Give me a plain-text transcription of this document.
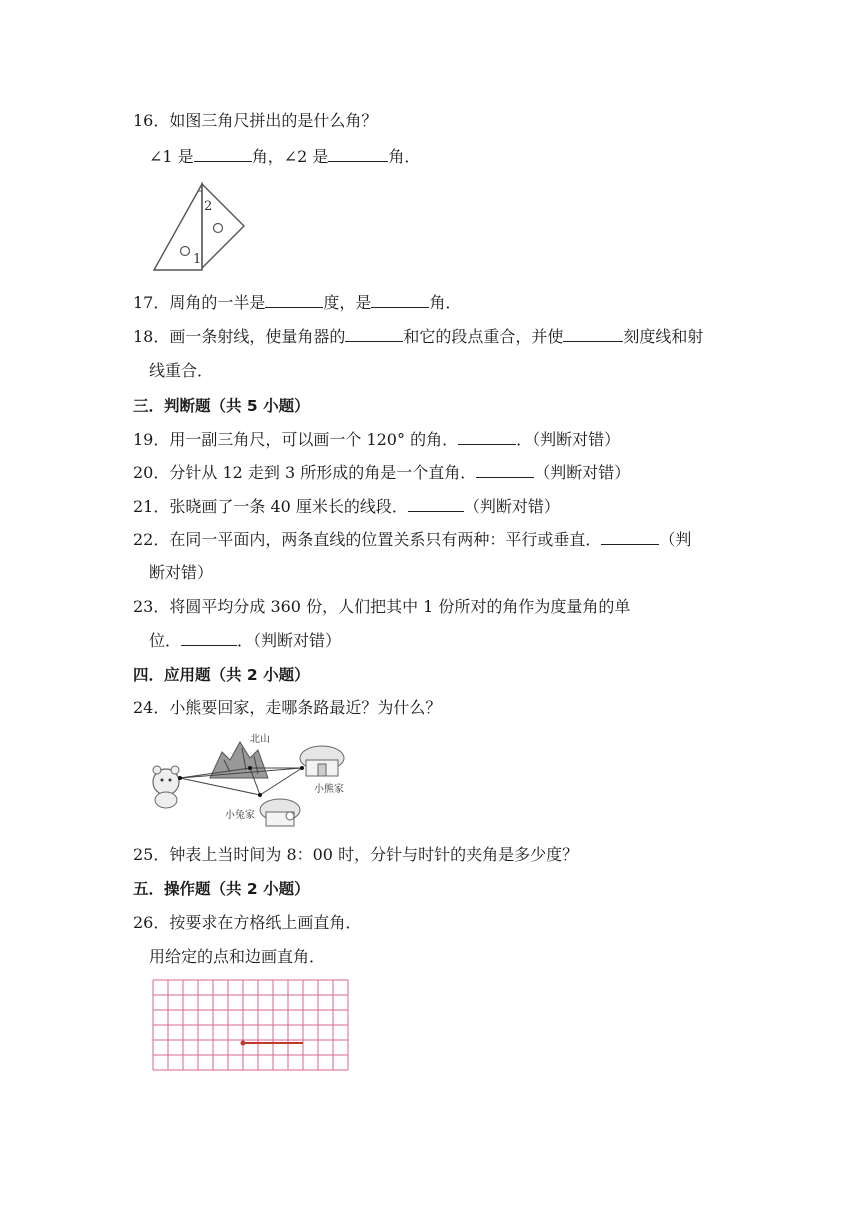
16．如图三角尺拼出的是什么角？
∠1 是	角，∠2 是	角．
2
1
17．周角的一半是	度，是	角．
18．画一条射线，使量角器的	和它的段点重合，并使	刻度线和射
线重合．
三．判断题（共 5 小题）
19．用一副三角尺，可以画一个 120° 的角．	．（判断对错）
20．分针从 12 走到 3 所形成的角是一个直角．	（判断对错）
21．张晓画了一条 40 厘米长的线段．	（判断对错）
22．在同一平面内，两条直线的位置关系只有两种：平行或垂直．	（判
断对错）
23．将圆平均分成 360 份，人们把其中 1 份所对的角作为度量角的单
位．	．（判断对错）
四．应用题（共 2 小题）
24．小熊要回家，走哪条路最近？为什么？
北山
小熊家
小兔家
25．钟表上当时间为 8：00 时，分针与时针的夹角是多少度？
五．操作题（共 2 小题）
26．按要求在方格纸上画直角．
用给定的点和边画直角．
